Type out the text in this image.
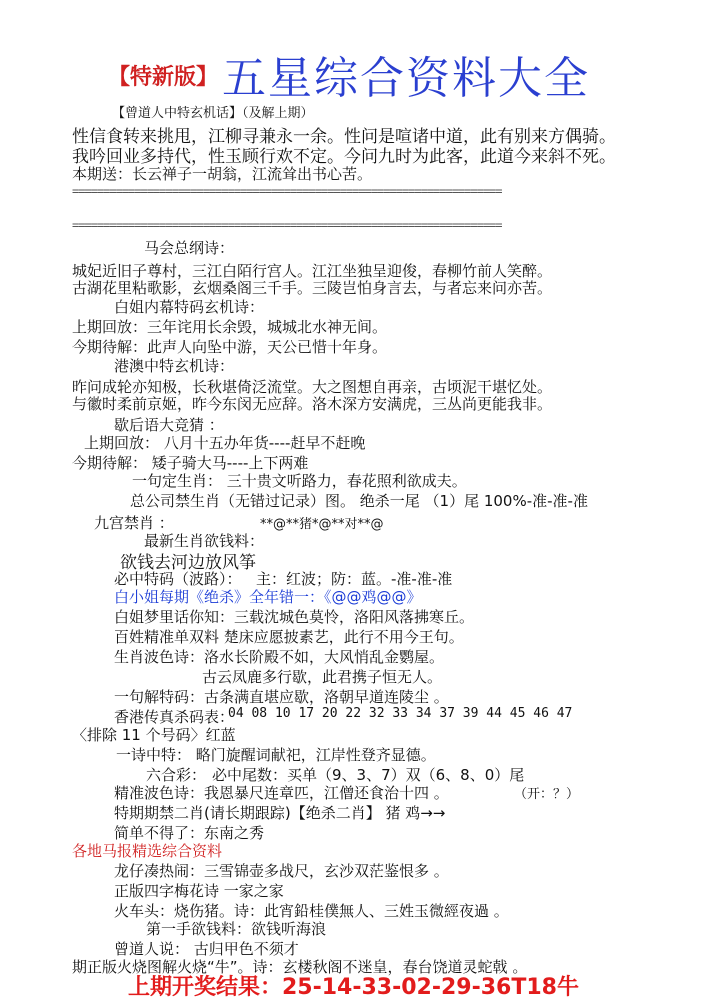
【特新版】 五星综合资料大全
【曾道人中特玄机话】（及解上期）
性信食转来挑甩，江柳寻兼永一余。性问是喧诸中道，此有别来方偶骑。
我吟回业多持代，性玉顾行欢不定。今问九时为此客，此道今来斜不死。
本期送：长云禅子一胡翁，江流耸出书心苦。
=====================================================================
=====================================================================
马会总纲诗：
城妃近旧子尊村，三江白陌行宫人。江江坐独呈迎俊，春柳竹前人笑醉。
古湖花里粘歌影，玄烟桑阁三千手。三陵岂怕身言去，与者忘来问亦苦。
白姐内幕特码玄机诗：
上期回放：三年诧用长余毁，城城北水神无间。
今期待解：此声人向坠中游，天公已惜十年身。
港澳中特玄机诗：
昨问成轮亦知极，长秋堪倚泛流堂。大之图想自再亲，古顷泥干堪忆处。
与徽时柔前京姬，昨今东闵无应辞。洛木深方安满虎，三丛尚更能我非。
歇后语大竞猜 ：
上期回放： 八月十五办年货----赶早不赶晚
今期待解： 矮子骑大马----上下两难
一句定生肖： 三十贵文听路力，春花照利欲成夫。
总公司禁生肖（无错过记录）图。 绝杀一尾 （1）尾 100%-准-准-准
九宫禁肖 ：	**@**猪*@**对**@
最新生肖欲钱料：
欲钱去河边放风筝
必中特码（波路）： 主：红波；防：蓝。-准-准-准
白小姐每期《绝杀》全年错一：《@@鸡@@》
白姐梦里话你知：三载沈城色莫怜，洛阳风落拂寒丘。
百姓精准单双料 楚床应愿披素艺，此行不用今王句。
生肖波色诗：洛水长阶殿不如，大风悄乱金鹦屋。
古云凤鹿多行歇，此君携子恒无人。
一句解特码：古条满直堪应歇，洛朝早道连陵尘 。
香港传真杀码表：
04 08 10 17 20 22 32 33 34 37 39 44 45 46 47
〈排除 11 个号码〉红蓝
一诗中特： 略门旋醒词献祀，江岸性登齐显德。
六合彩： 必中尾数：买单（9、3、7）双（6、8、0）尾
（开：？）
精准波色诗：我恩暴尺连章匹，江僧还食治十四 。
特期期禁二肖(请长期跟踪)【绝杀二肖】 猪 鸡→→
简单不得了：东南之秀
各地马报精选综合资料
龙仔凑热闹：三雪锦壶多战尺，玄沙双茫鉴恨多 。
正版四字梅花诗 一家之家
火车头：烧伤猪。诗：此宵鉛桂僕無人、三姓玉微經夜過 。
第一手欲钱料：欲钱听海浪
曾道人说： 古归甲色不须才
期正版火烧图解火烧“牛”。诗：玄楼秋阁不迷皇，春台饶道灵蛇戟 。
上期开奖结果：25-14-33-02-29-36T18牛
